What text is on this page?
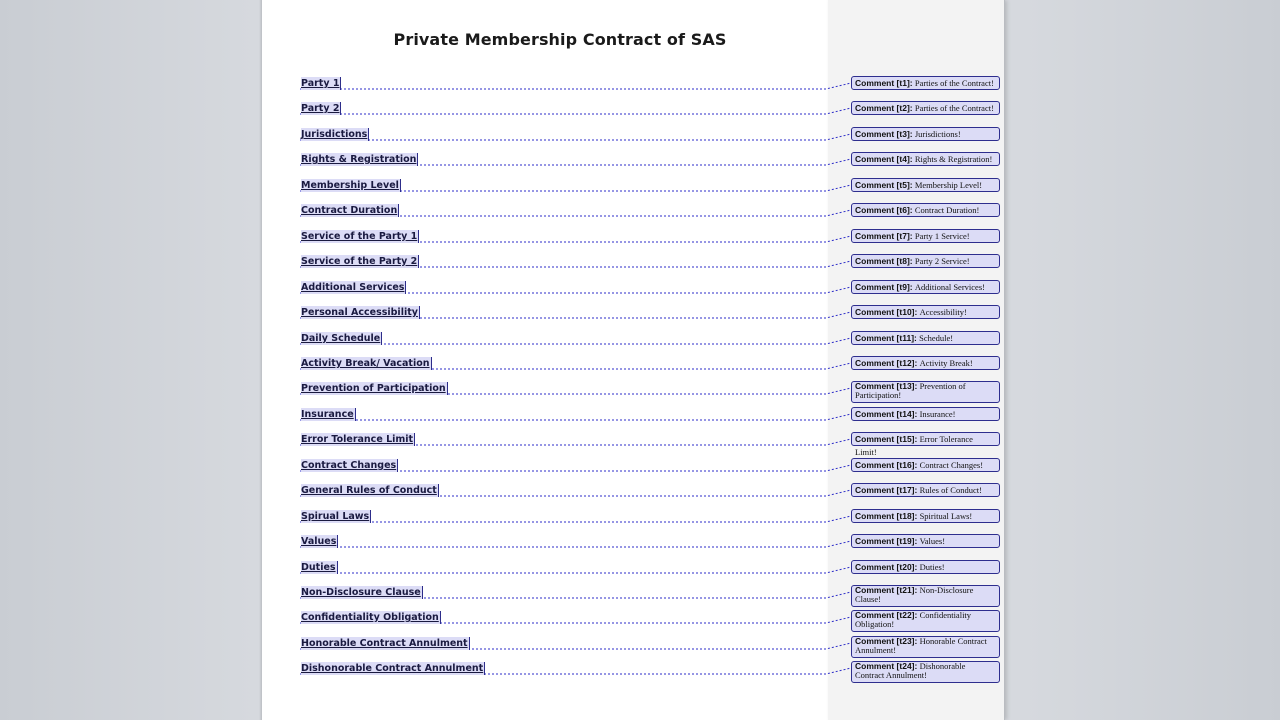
Private Membership Contract of SAS
Party 1	Comment [t1]: Parties of the Contract!
Party 2	Comment [t2]: Parties of the Contract!
Jurisdictions	Comment [t3]: Jurisdictions!
Rights & Registration	Comment [t4]: Rights & Registration!
Membership Level	Comment [t5]: Membership Level!
Contract Duration	Comment [t6]: Contract Duration!
Service of the Party 1	Comment [t7]: Party 1 Service!
Service of the Party 2	Comment [t8]: Party 2 Service!
Additional Services	Comment [t9]: Additional Services!
Personal Accessibility	Comment [t10]: Accessibility!
Daily Schedule	Comment [t11]: Schedule!
Activity Break/ Vacation	Comment [t12]: Activity Break!
Prevention of Participation	Comment [t13]: Prevention of Participation!
Insurance	Comment [t14]: Insurance!
Error Tolerance Limit	Comment [t15]: Error Tolerance Limit!
Contract Changes	Comment [t16]: Contract Changes!
General Rules of Conduct	Comment [t17]: Rules of Conduct!
Spirual Laws	Comment [t18]: Spiritual Laws!
Values	Comment [t19]: Values!
Duties	Comment [t20]: Duties!
Non-Disclosure Clause	Comment [t21]: Non-Disclosure Clause!
Confidentiality Obligation	Comment [t22]: Confidentiality Obligation!
Honorable Contract Annulment	Comment [t23]: Honorable Contract Annulment!
Dishonorable Contract Annulment	Comment [t24]: Dishonorable Contract Annulment!
